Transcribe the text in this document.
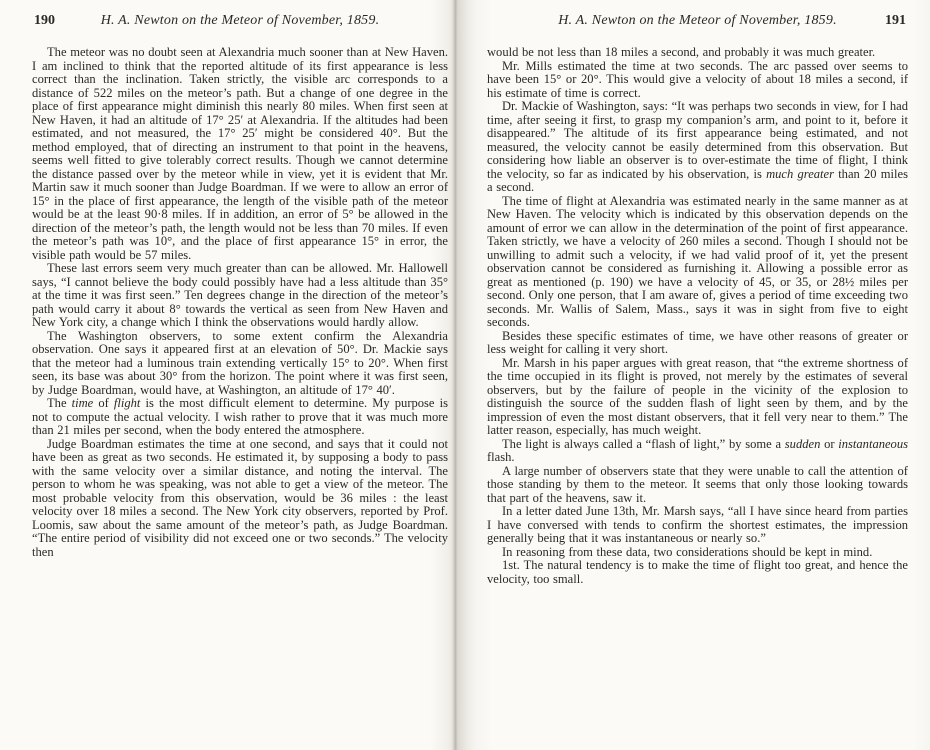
190	H. A. Newton on the Meteor of November, 1859.

The meteor was no doubt seen at Alexandria much sooner than at New Haven. I am inclined to think that the reported altitude of its first appearance is less correct than the inclination. Taken strictly, the visible arc corresponds to a distance of 522 miles on the meteor’s path. But a change of one degree in the place of first appearance might diminish this nearly 80 miles. When first seen at New Haven, it had an altitude of 17° 25′ at Alexandria. If the altitudes had been estimated, and not measured, the 17° 25′ might be considered 40°. But the method employed, that of directing an instrument to that point in the heavens, seems well fitted to give tolerably correct results. Though we cannot determine the distance passed over by the meteor while in view, yet it is evident that Mr. Martin saw it much sooner than Judge Boardman. If we were to allow an error of 15° in the place of first appearance, the length of the visible path of the meteor would be at the least 90·8 miles. If in addition, an error of 5° be allowed in the direction of the meteor’s path, the length would not be less than 70 miles. If even the meteor’s path was 10°, and the place of first appearance 15° in error, the visible path would be 57 miles.

These last errors seem very much greater than can be allowed. Mr. Hallowell says, “I cannot believe the body could possibly have had a less altitude than 35° at the time it was first seen.” Ten degrees change in the direction of the meteor’s path would carry it about 8° towards the vertical as seen from New Haven and New York city, a change which I think the observations would hardly allow.

The Washington observers, to some extent confirm the Alexandria observation. One says it appeared first at an elevation of 50°. Dr. Mackie says that the meteor had a luminous train extending vertically 15° to 20°. When first seen, its base was about 30° from the horizon. The point where it was first seen, by Judge Boardman, would have, at Washington, an altitude of 17° 40′.

The time of flight is the most difficult element to determine. My purpose is not to compute the actual velocity. I wish rather to prove that it was much more than 21 miles per second, when the body entered the atmosphere.

Judge Boardman estimates the time at one second, and says that it could not have been as great as two seconds. He estimated it, by supposing a body to pass with the same velocity over a similar distance, and noting the interval. The person to whom he was speaking, was not able to get a view of the meteor. The most probable velocity from this observation, would be 36 miles : the least velocity over 18 miles a second. The New York city observers, reported by Prof. Loomis, saw about the same amount of the meteor’s path, as Judge Boardman. “The entire period of visibility did not exceed one or two seconds.” The velocity then

H. A. Newton on the Meteor of November, 1859.	191

would be not less than 18 miles a second, and probably it was much greater.

Mr. Mills estimated the time at two seconds. The arc passed over seems to have been 15° or 20°. This would give a velocity of about 18 miles a second, if his estimate of time is correct.

Dr. Mackie of Washington, says: “It was perhaps two seconds in view, for I had time, after seeing it first, to grasp my companion’s arm, and point to it, before it disappeared.” The altitude of its first appearance being estimated, and not measured, the velocity cannot be easily determined from this observation. But considering how liable an observer is to over-estimate the time of flight, I think the velocity, so far as indicated by his observation, is much greater than 20 miles a second.

The time of flight at Alexandria was estimated nearly in the same manner as at New Haven. The velocity which is indicated by this observation depends on the amount of error we can allow in the determination of the point of first appearance. Taken strictly, we have a velocity of 260 miles a second. Though I should not be unwilling to admit such a velocity, if we had valid proof of it, yet the present observation cannot be considered as furnishing it. Allowing a possible error as great as mentioned (p. 190) we have a velocity of 45, or 35, or 28½ miles per second. Only one person, that I am aware of, gives a period of time exceeding two seconds. Mr. Wallis of Salem, Mass., says it was in sight from five to eight seconds.

Besides these specific estimates of time, we have other reasons of greater or less weight for calling it very short.

Mr. Marsh in his paper argues with great reason, that “the extreme shortness of the time occupied in its flight is proved, not merely by the estimates of several observers, but by the failure of people in the vicinity of the explosion to distinguish the source of the sudden flash of light seen by them, and by the impression of even the most distant observers, that it fell very near to them.” The latter reason, especially, has much weight.

The light is always called a “flash of light,” by some a sudden or instantaneous flash.

A large number of observers state that they were unable to call the attention of those standing by them to the meteor. It seems that only those looking towards that part of the heavens, saw it.

In a letter dated June 13th, Mr. Marsh says, “all I have since heard from parties I have conversed with tends to confirm the shortest estimates, the impression generally being that it was instantaneous or nearly so.”

In reasoning from these data, two considerations should be kept in mind.

1st. The natural tendency is to make the time of flight too great, and hence the velocity, too small.
